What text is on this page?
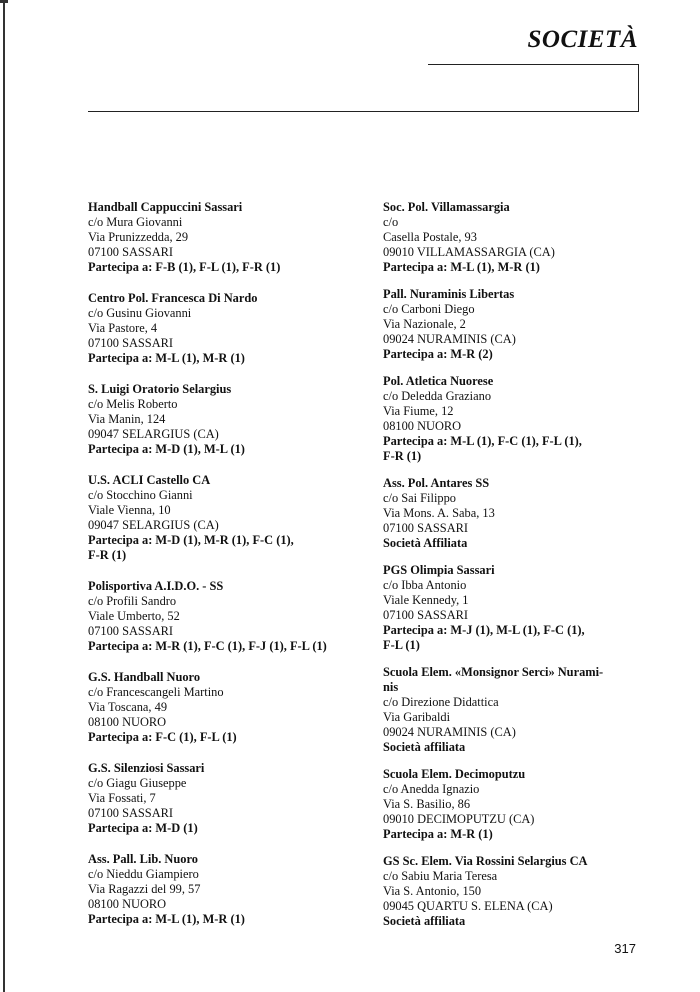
SOCIETÀ
Handball Cappuccini Sassari
c/o Mura Giovanni
Via Prunizzedda, 29
07100 SASSARI
Partecipa a: F-B (1), F-L (1), F-R (1)
Centro Pol. Francesca Di Nardo
c/o Gusinu Giovanni
Via Pastore, 4
07100 SASSARI
Partecipa a: M-L (1), M-R (1)
S. Luigi Oratorio Selargius
c/o Melis Roberto
Via Manin, 124
09047 SELARGIUS (CA)
Partecipa a: M-D (1), M-L (1)
U.S. ACLI Castello CA
c/o Stocchino Gianni
Viale Vienna, 10
09047 SELARGIUS (CA)
Partecipa a: M-D (1), M-R (1), F-C (1),
F-R (1)
Polisportiva A.I.D.O. - SS
c/o Profili Sandro
Viale Umberto, 52
07100 SASSARI
Partecipa a: M-R (1), F-C (1), F-J (1), F-L (1)
G.S. Handball Nuoro
c/o Francescangeli Martino
Via Toscana, 49
08100 NUORO
Partecipa a: F-C (1), F-L (1)
G.S. Silenziosi Sassari
c/o Giagu Giuseppe
Via Fossati, 7
07100 SASSARI
Partecipa a: M-D (1)
Ass. Pall. Lib. Nuoro
c/o Nieddu Giampiero
Via Ragazzi del 99, 57
08100 NUORO
Partecipa a: M-L (1), M-R (1)
Soc. Pol. Villamassargia
c/o
Casella Postale, 93
09010 VILLAMASSARGIA (CA)
Partecipa a: M-L (1), M-R (1)
Pall. Nuraminis Libertas
c/o Carboni Diego
Via Nazionale, 2
09024 NURAMINIS (CA)
Partecipa a: M-R (2)
Pol. Atletica Nuorese
c/o Deledda Graziano
Via Fiume, 12
08100 NUORO
Partecipa a: M-L (1), F-C (1), F-L (1),
F-R (1)
Ass. Pol. Antares SS
c/o Sai Filippo
Via Mons. A. Saba, 13
07100 SASSARI
Società Affiliata
PGS Olimpia Sassari
c/o Ibba Antonio
Viale Kennedy, 1
07100 SASSARI
Partecipa a: M-J (1), M-L (1), F-C (1),
F-L (1)
Scuola Elem. «Monsignor Serci» Nurami-
nis
c/o Direzione Didattica
Via Garibaldi
09024 NURAMINIS (CA)
Società affiliata
Scuola Elem. Decimoputzu
c/o Anedda Ignazio
Via S. Basilio, 86
09010 DECIMOPUTZU (CA)
Partecipa a: M-R (1)
GS Sc. Elem. Via Rossini Selargius CA
c/o Sabiu Maria Teresa
Via S. Antonio, 150
09045 QUARTU S. ELENA (CA)
Società affiliata
317
